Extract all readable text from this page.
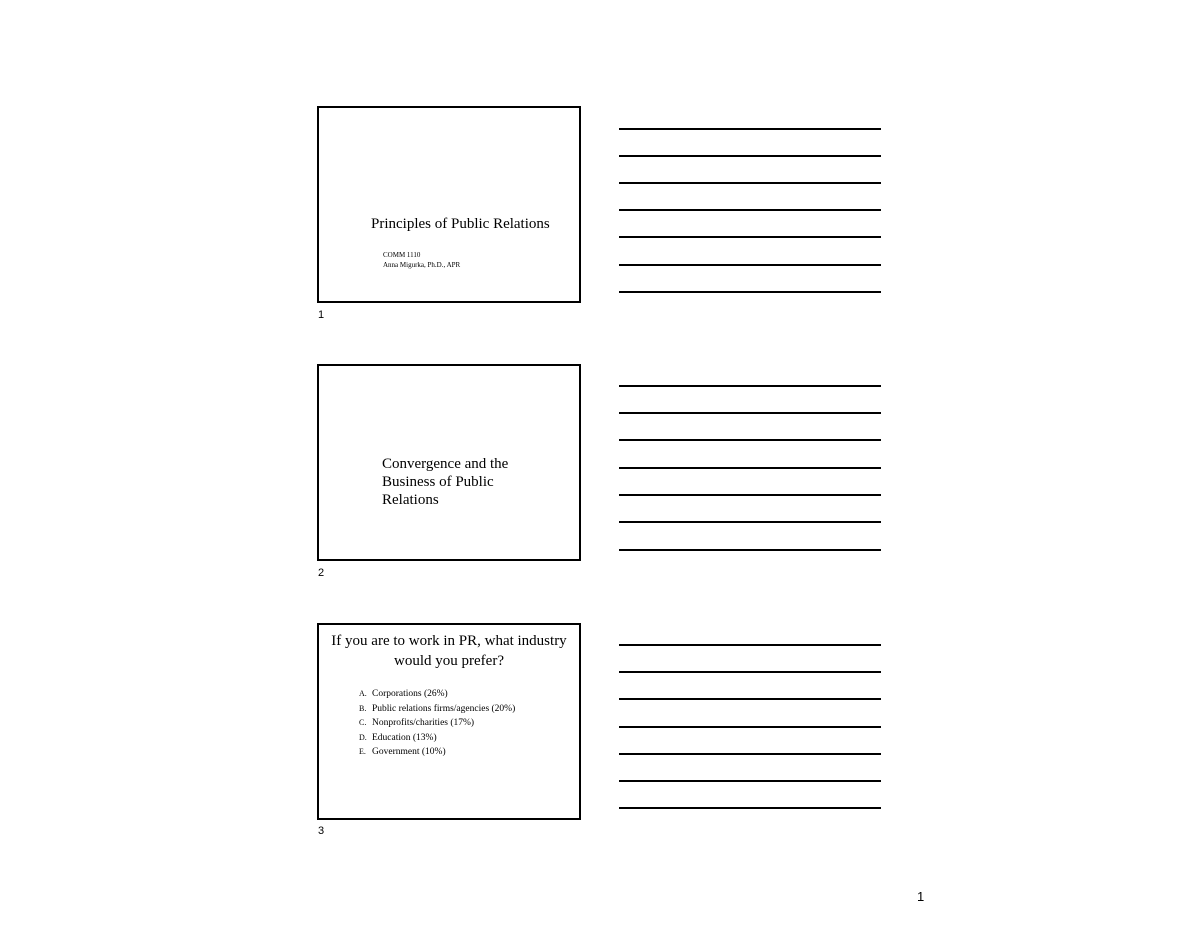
Principles of Public Relations
COMM 1110
Anna Migurka, Ph.D., APR
1
Convergence and the Business of Public Relations
2
If you are to work in PR, what industry would you prefer?
A. Corporations (26%)
B. Public relations firms/agencies (20%)
C. Nonprofits/charities (17%)
D. Education (13%)
E. Government (10%)
3
1
